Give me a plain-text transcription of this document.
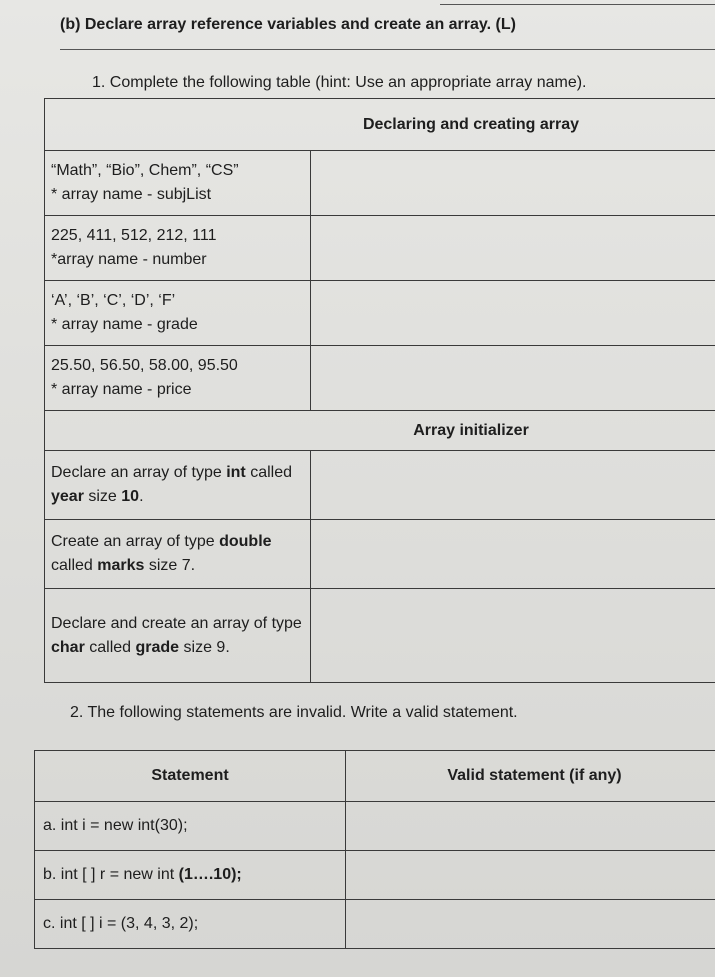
(b) Declare array reference variables and create an array. (L)
1. Complete the following table (hint: Use an appropriate array name).
Declaring and creating array	

“Math”, “Bio”, Chem”, “CS”
* array name - subjList	

225, 411, 512, 212, 111
*array name - number	

‘A’, ‘B’, ‘C’, ‘D’, ‘F’
* array name - grade	

25.50, 56.50, 58.00, 95.50
* array name - price	

Array initializer	
Declare an array of type int called year size 10.	

Create an array of type double called marks size 7.	

Declare and create an array of type char called grade size 9.	
2. The following statements are invalid. Write a valid statement.
Statement	Valid statement (if any)
a. int i = new int(30);	

b. int [ ] r = new int (1….10);	

c. int [ ] i = (3, 4, 3, 2);	
